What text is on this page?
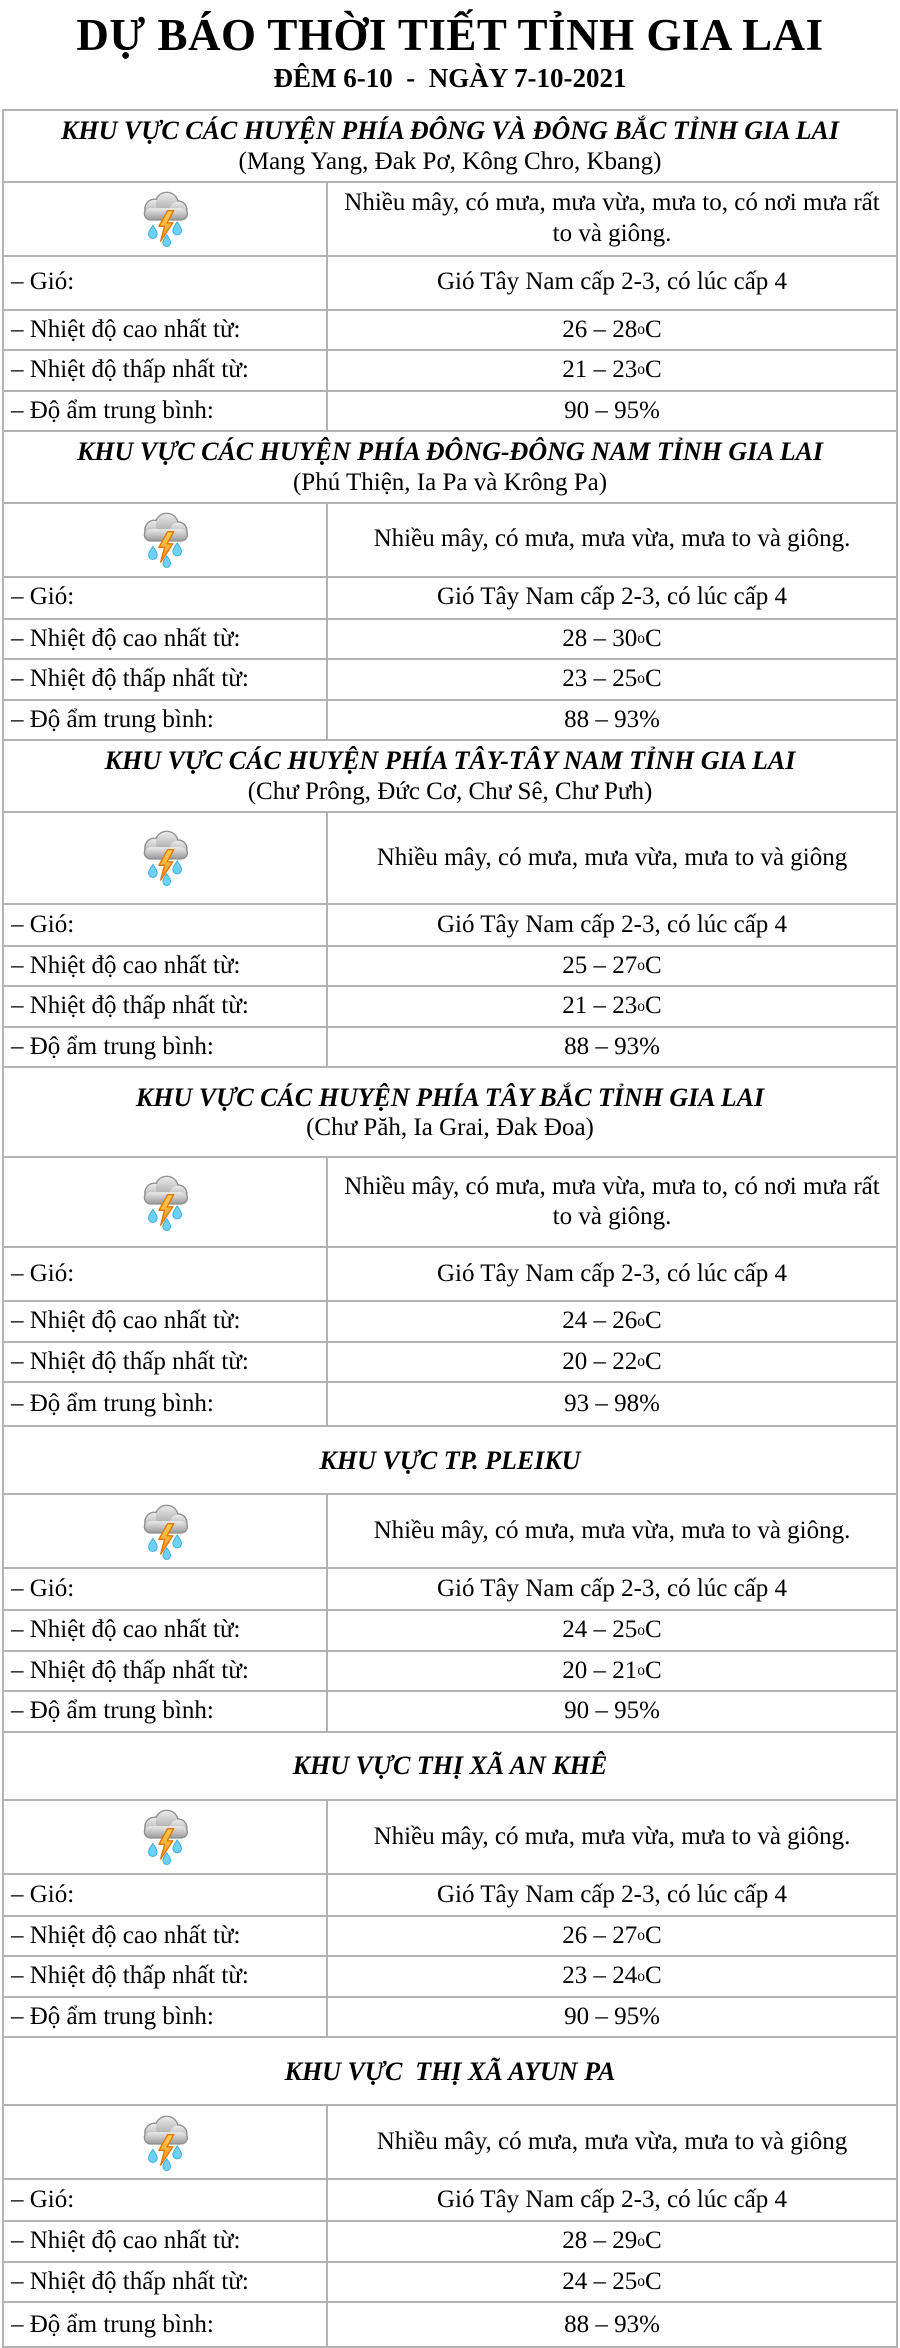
DỰ BÁO THỜI TIẾT TỈNH GIA LAI
ĐÊM 6-10  -  NGÀY 7-10-2021
KHU VỰC CÁC HUYỆN PHÍA ĐÔNG VÀ ĐÔNG BẮC TỈNH GIA LAI
(Mang Yang, Đak Pơ, Kông Chro, Kbang)
Nhiều mây, có mưa, mưa vừa, mưa to, có nơi mưa rất to và giông.
– Gió:	Gió Tây Nam cấp 2-3, có lúc cấp 4
– Nhiệt độ cao nhất từ:	26 – 28 o C
– Nhiệt độ thấp nhất từ:	21 – 23 o C
– Độ ẩm trung bình:	90 – 95%
KHU VỰC CÁC HUYỆN PHÍA ĐÔNG-ĐÔNG NAM TỈNH GIA LAI
(Phú Thiện, Ia Pa và Krông Pa)
Nhiều mây, có mưa, mưa vừa, mưa to và giông.
– Gió:	Gió Tây Nam cấp 2-3, có lúc cấp 4
– Nhiệt độ cao nhất từ:	28 – 30 o C
– Nhiệt độ thấp nhất từ:	23 – 25 o C
– Độ ẩm trung bình:	88 – 93%
KHU VỰC CÁC HUYỆN PHÍA TÂY-TÂY NAM TỈNH GIA LAI
(Chư Prông, Đức Cơ, Chư Sê, Chư Pưh)
Nhiều mây, có mưa, mưa vừa, mưa to và giông
– Gió:	Gió Tây Nam cấp 2-3, có lúc cấp 4
– Nhiệt độ cao nhất từ:	25 – 27 o C
– Nhiệt độ thấp nhất từ:	21 – 23 o C
– Độ ẩm trung bình:	88 – 93%
KHU VỰC CÁC HUYỆN PHÍA TÂY BẮC TỈNH GIA LAI
(Chư Păh, Ia Grai, Đak Đoa)
Nhiều mây, có mưa, mưa vừa, mưa to, có nơi mưa rất to và giông.
– Gió:	Gió Tây Nam cấp 2-3, có lúc cấp 4
– Nhiệt độ cao nhất từ:	24 – 26 o C
– Nhiệt độ thấp nhất từ:	20 – 22 o C
– Độ ẩm trung bình:	93 – 98%
KHU VỰC TP. PLEIKU
Nhiều mây, có mưa, mưa vừa, mưa to và giông.
– Gió:	Gió Tây Nam cấp 2-3, có lúc cấp 4
– Nhiệt độ cao nhất từ:	24 – 25 o C
– Nhiệt độ thấp nhất từ:	20 – 21 o C
– Độ ẩm trung bình:	90 – 95%
KHU VỰC THỊ XÃ AN KHÊ
Nhiều mây, có mưa, mưa vừa, mưa to và giông.
– Gió:	Gió Tây Nam cấp 2-3, có lúc cấp 4
– Nhiệt độ cao nhất từ:	26 – 27 o C
– Nhiệt độ thấp nhất từ:	23 – 24 o C
– Độ ẩm trung bình:	90 – 95%
KHU VỰC  THỊ XÃ AYUN PA
Nhiều mây, có mưa, mưa vừa, mưa to và giông
– Gió:	Gió Tây Nam cấp 2-3, có lúc cấp 4
– Nhiệt độ cao nhất từ:	28 – 29 o C
– Nhiệt độ thấp nhất từ:	24 – 25 o C
– Độ ẩm trung bình:	88 – 93%
